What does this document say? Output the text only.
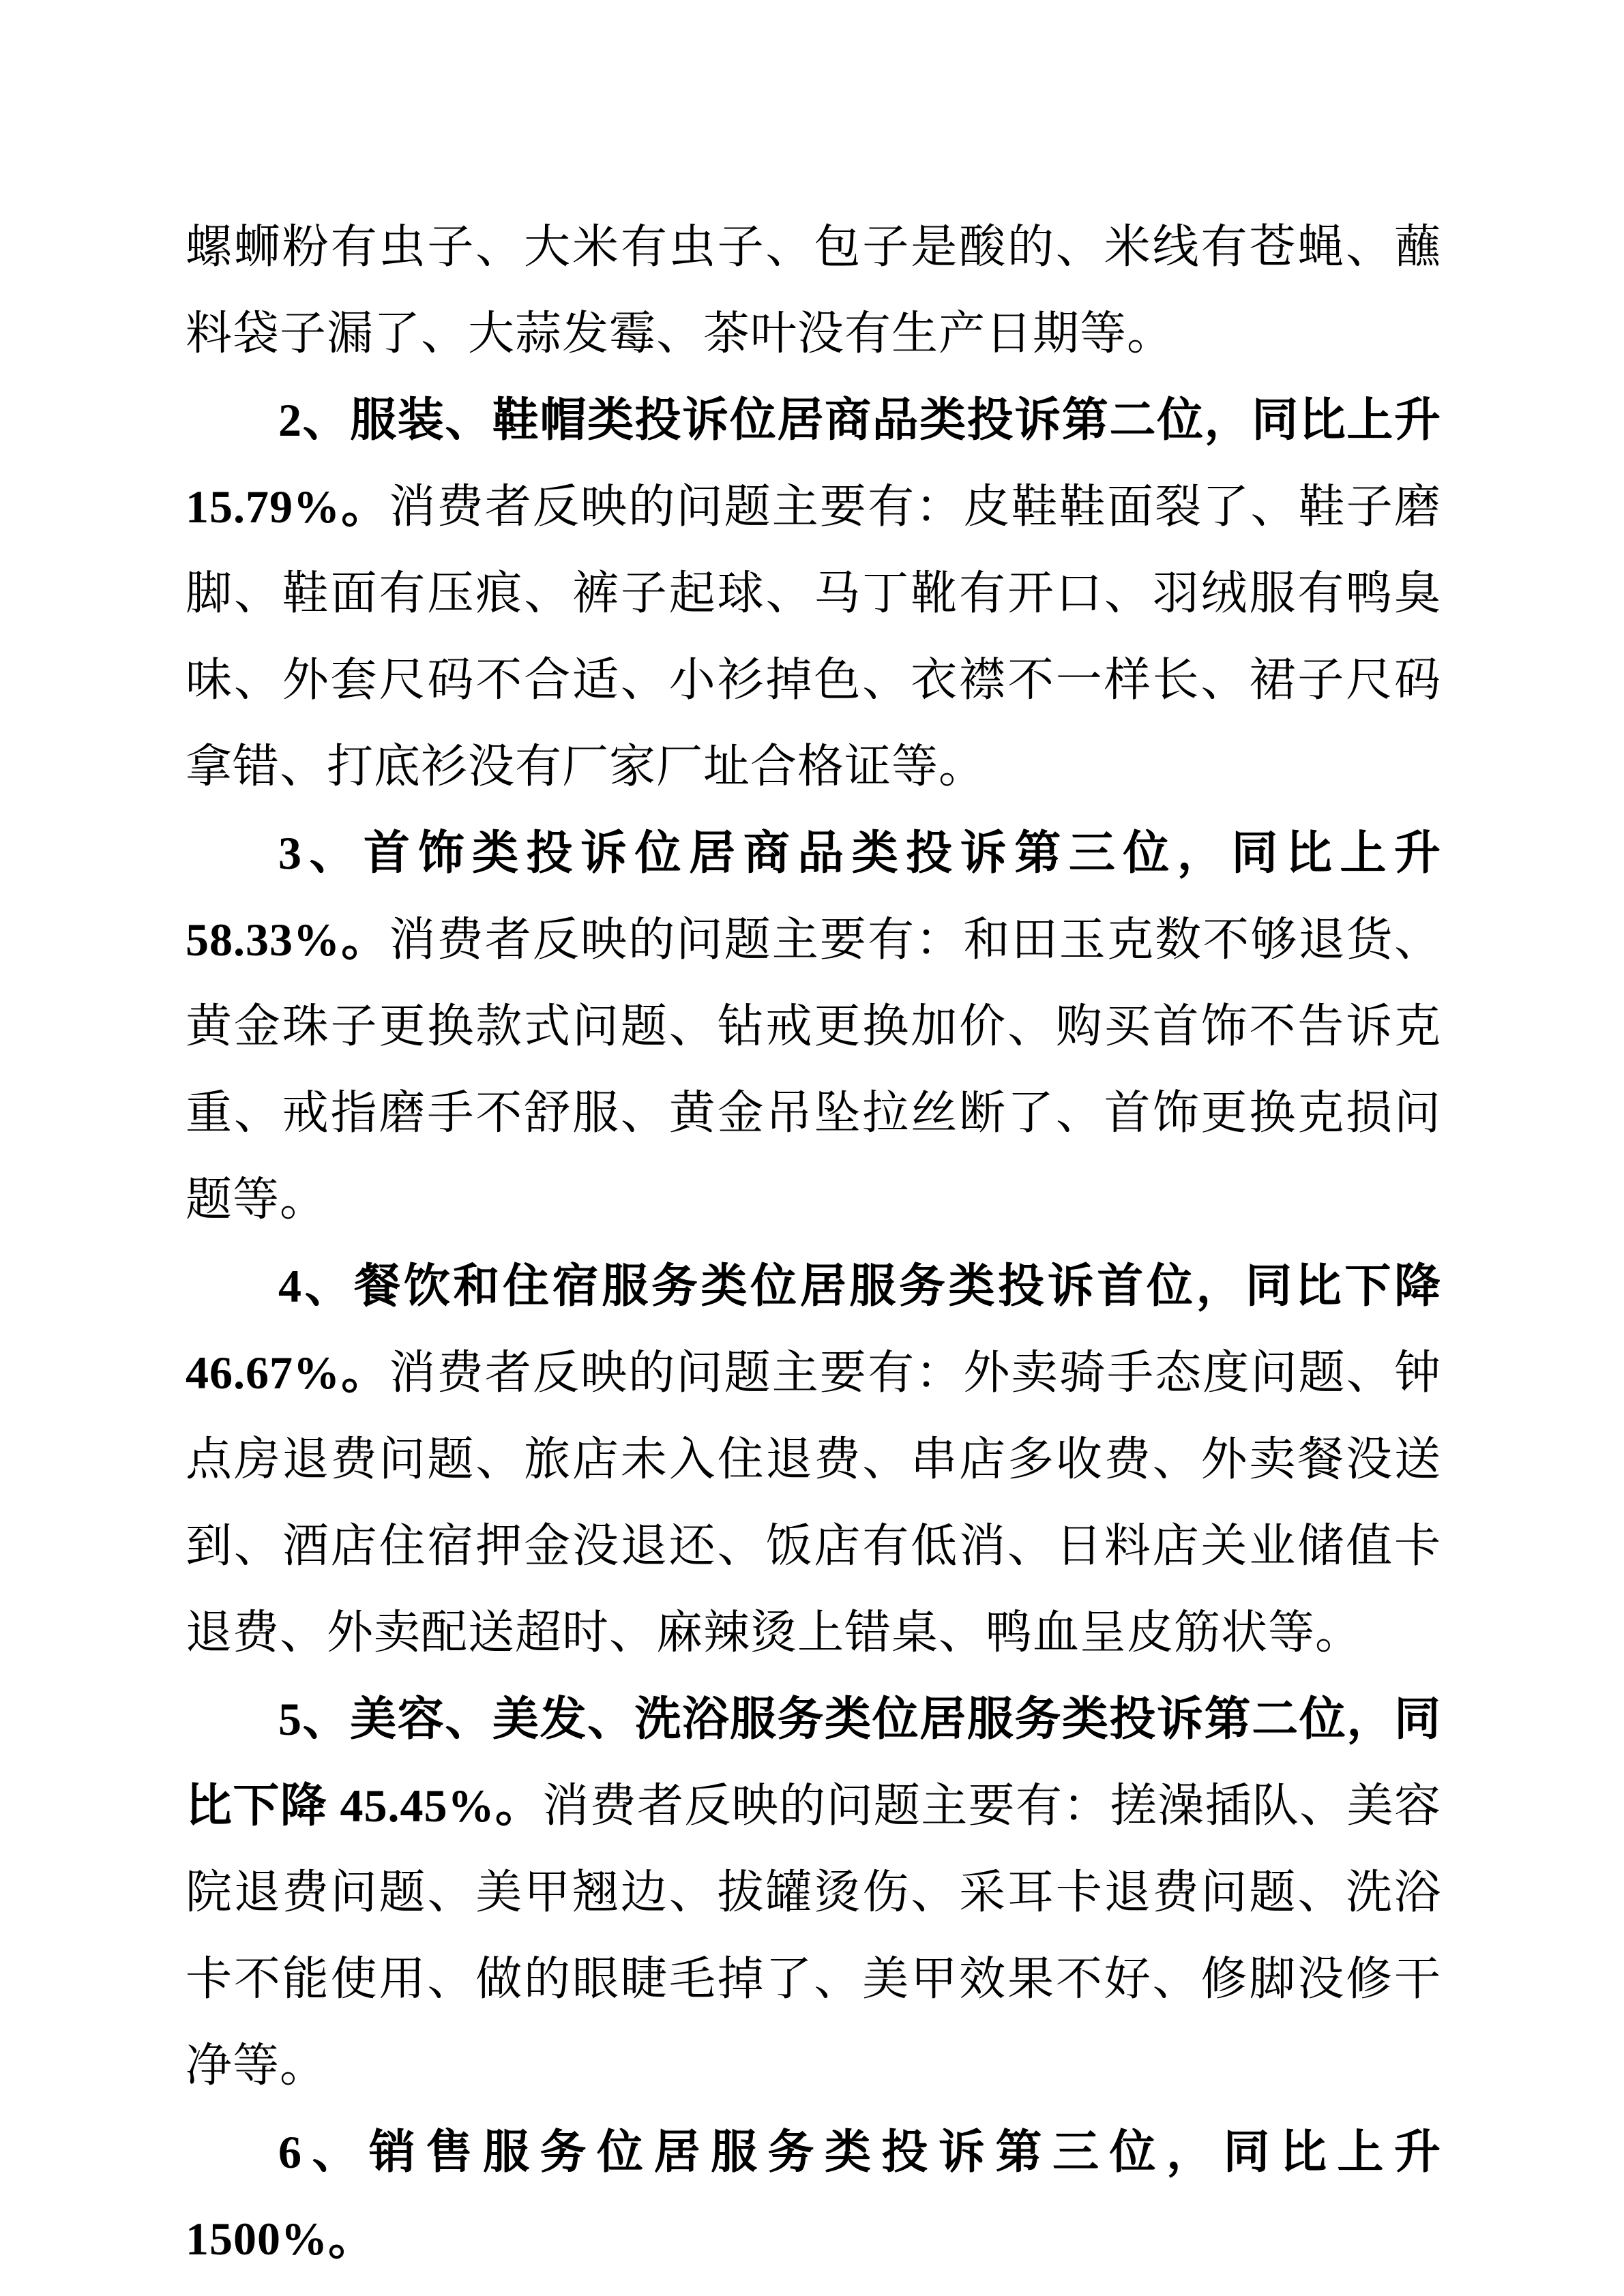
螺蛳粉有虫子、大米有虫子、包子是酸的、米线有苍蝇、蘸料袋子漏了、大蒜发霉、茶叶没有生产日期等。

2、服装、鞋帽类投诉位居商品类投诉第二位，同比上升 15.79%。消费者反映的问题主要有：皮鞋鞋面裂了、鞋子磨脚、鞋面有压痕、裤子起球、马丁靴有开口、羽绒服有鸭臭味、外套尺码不合适、小衫掉色、衣襟不一样长、裙子尺码拿错、打底衫没有厂家厂址合格证等。

3、首饰类投诉位居商品类投诉第三位，同比上升 58.33%。消费者反映的问题主要有：和田玉克数不够退货、黄金珠子更换款式问题、钻戒更换加价、购买首饰不告诉克重、戒指磨手不舒服、黄金吊坠拉丝断了、首饰更换克损问题等。

4、餐饮和住宿服务类位居服务类投诉首位，同比下降 46.67%。消费者反映的问题主要有：外卖骑手态度问题、钟点房退费问题、旅店未入住退费、串店多收费、外卖餐没送到、酒店住宿押金没退还、饭店有低消、日料店关业储值卡退费、外卖配送超时、麻辣烫上错桌、鸭血呈皮筋状等。

5、美容、美发、洗浴服务类位居服务类投诉第二位，同比下降 45.45%。消费者反映的问题主要有：搓澡插队、美容院退费问题、美甲翘边、拔罐烫伤、采耳卡退费问题、洗浴卡不能使用、做的眼睫毛掉了、美甲效果不好、修脚没修干净等。

6、销售服务位居服务类投诉第三位，同比上升 1500%。
